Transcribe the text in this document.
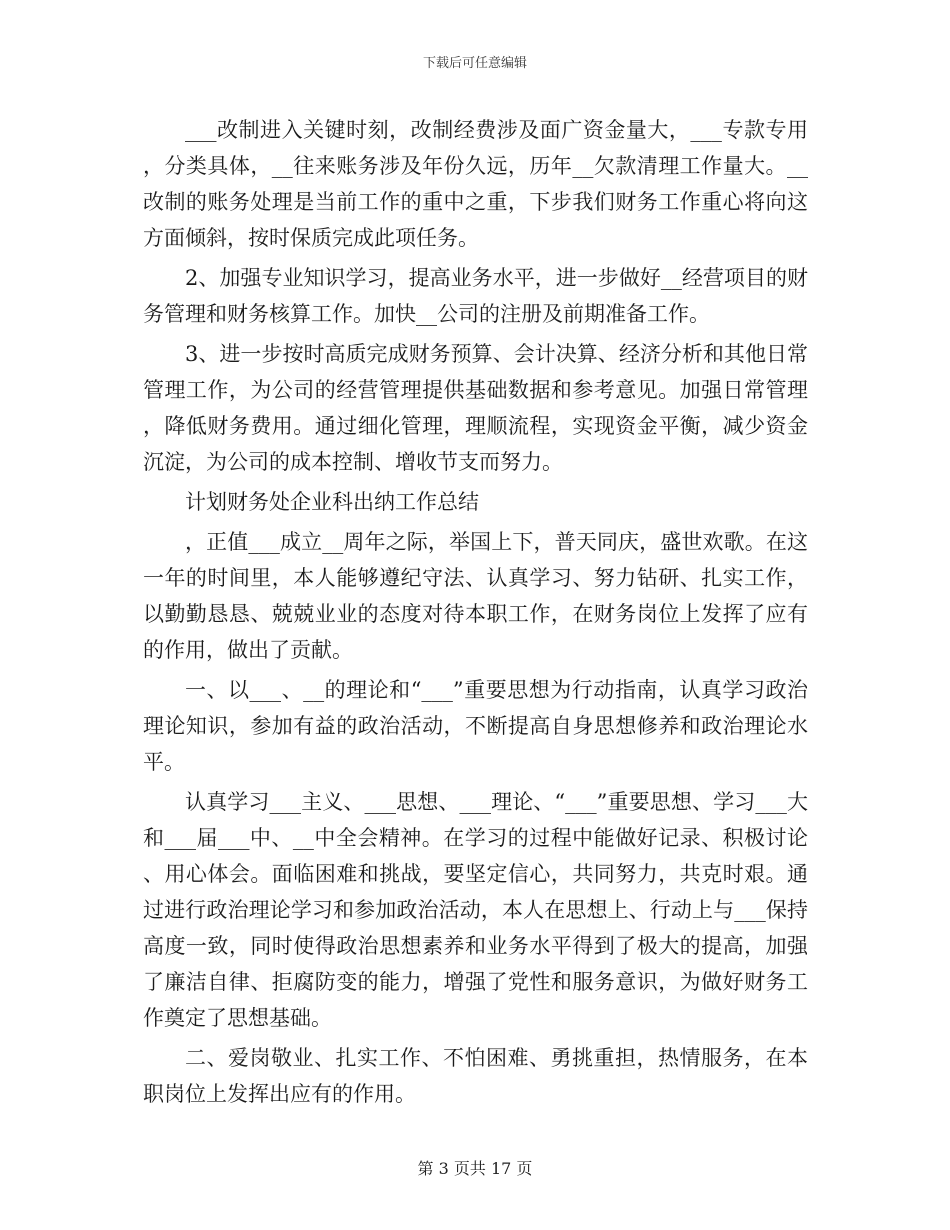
下载后可任意编辑

___改制进入关键时刻，改制经费涉及面广资金量大，___专款专用，分类具体，__往来账务涉及年份久远，历年__欠款清理工作量大。__改制的账务处理是当前工作的重中之重，下步我们财务工作重心将向这方面倾斜，按时保质完成此项任务。

2、加强专业知识学习，提高业务水平，进一步做好__经营项目的财务管理和财务核算工作。加快__公司的注册及前期准备工作。

3、进一步按时高质完成财务预算、会计决算、经济分析和其他日常管理工作，为公司的经营管理提供基础数据和参考意见。加强日常管理，降低财务费用。通过细化管理，理顺流程，实现资金平衡，减少资金沉淀，为公司的成本控制、增收节支而努力。

计划财务处企业科出纳工作总结

，正值___成立__周年之际，举国上下，普天同庆，盛世欢歌。在这一年的时间里，本人能够遵纪守法、认真学习、努力钻研、扎实工作，以勤勤恳恳、兢兢业业的态度对待本职工作，在财务岗位上发挥了应有的作用，做出了贡献。

一、以___、__的理论和“___”重要思想为行动指南，认真学习政治理论知识，参加有益的政治活动，不断提高自身思想修养和政治理论水平。

认真学习___主义、___思想、___理论、“___”重要思想、学习___大和___届___中、__中全会精神。在学习的过程中能做好记录、积极讨论、用心体会。面临困难和挑战，要坚定信心，共同努力，共克时艰。通过进行政治理论学习和参加政治活动，本人在思想上、行动上与___保持高度一致，同时使得政治思想素养和业务水平得到了极大的提高，加强了廉洁自律、拒腐防变的能力，增强了党性和服务意识，为做好财务工作奠定了思想基础。

二、爱岗敬业、扎实工作、不怕困难、勇挑重担，热情服务，在本职岗位上发挥出应有的作用。

第 3 页共 17 页
